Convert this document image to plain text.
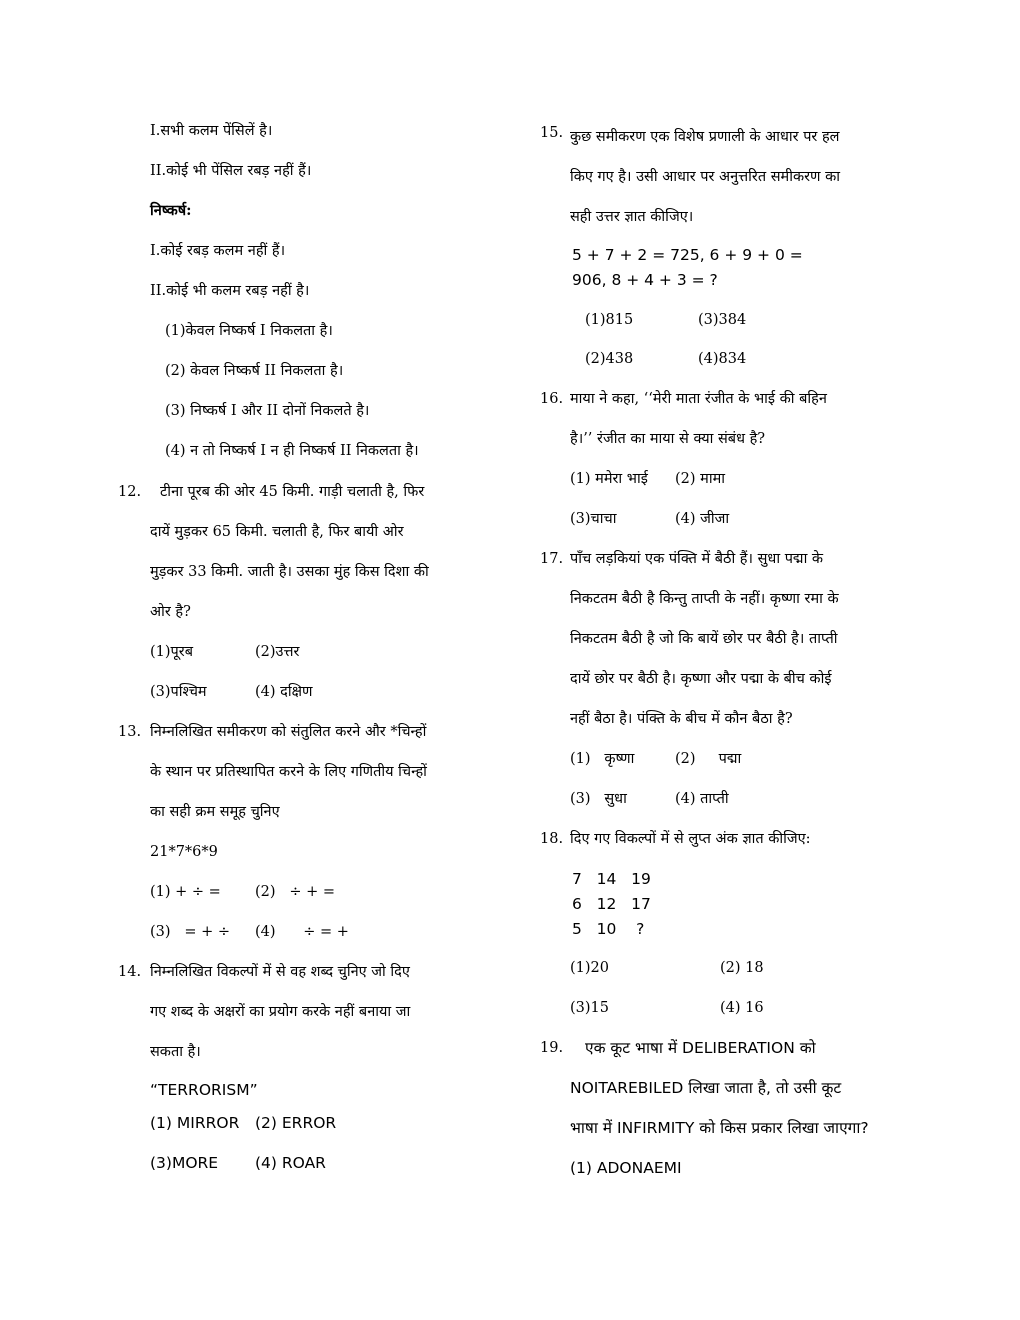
I.सभी कलम पेंसिलें है।
II.कोई भी पेंसिल रबड़ नहीं हैं।
निष्कर्ष:
I.कोई रबड़ कलम नहीं हैं।
II.कोई भी कलम रबड़ नहीं है।
(1)केवल निष्कर्ष I निकलता है।
(2) केवल निष्कर्ष II निकलता है।
(3) निष्कर्ष I और II दोनों निकलते है।
(4) न तो निष्कर्ष I न ही निष्कर्ष II निकलता है।
12. टीना पूरब की ओर 45 किमी. गाड़ी चलाती है, फिर
दायें मुड़कर 65 किमी. चलाती है, फिर बायी ओर
मुड़कर 33 किमी. जाती है। उसका मुंह किस दिशा की
ओर है?
(1)पूरब	(2)उत्तर
(3)पश्चिम	(4) दक्षिण
13. निम्नलिखित समीकरण को संतुलित करने और *चिन्हों
के स्थान पर प्रतिस्थापित करने के लिए गणितीय चिन्हों
का सही क्रम समूह चुनिए
21*7*6*9
(1) + ÷ = (2)   ÷ + =
(3)   = + ÷ (4)      ÷ = +
14. निम्नलिखित विकल्पों में से वह शब्द चुनिए जो दिए
गए शब्द के अक्षरों का प्रयोग करके नहीं बनाया जा
सकता है।
“TERRORISM”
(1) MIRROR (2) ERROR
(3)MORE (4) ROAR
15. कुछ समीकरण एक विशेष प्रणाली के आधार पर हल
किए गए है। उसी आधार पर अनुत्तरित समीकरण का
सही उत्तर ज्ञात कीजिए।
5 + 7 + 2 = 725, 6 + 9 + 0 =
906, 8 + 4 + 3 = ?
(1)815	(3)384
(2)438	(4)834
16. माया ने कहा, ‘‘मेरी माता रंजीत के भाई की बहिन
है।’’ रंजीत का माया से क्या संबंध है?
(1) ममेरा भाई (2) मामा
(3)चाचा	(4) जीजा
17. पाँच लड़कियां एक पंक्ति में बैठी हैं। सुधा पद्मा के
निकटतम बैठी है किन्तु ताप्ती के नहीं। कृष्णा रमा के
निकटतम बैठी है जो कि बायें छोर पर बैठी है। ताप्ती
दायें छोर पर बैठी है। कृष्णा और पद्मा के बीच कोई
नहीं बैठा है। पंक्ति के बीच में कौन बैठा है?
(1)   कृष्णा	(2)     पद्मा
(3)   सुधा	(4) ताप्ती
18. दिए गए विकल्पों में से लुप्त अंक ज्ञात कीजिए:
7   14   19
6   12   17
5   10    ?
(1)20	(2) 18
(3)15	(4) 16
19. एक कूट भाषा में DELIBERATION को
NOITAREBILED लिखा जाता है, तो उसी कूट
भाषा में INFIRMITY को किस प्रकार लिखा जाएगा?
(1) ADONAEMI
